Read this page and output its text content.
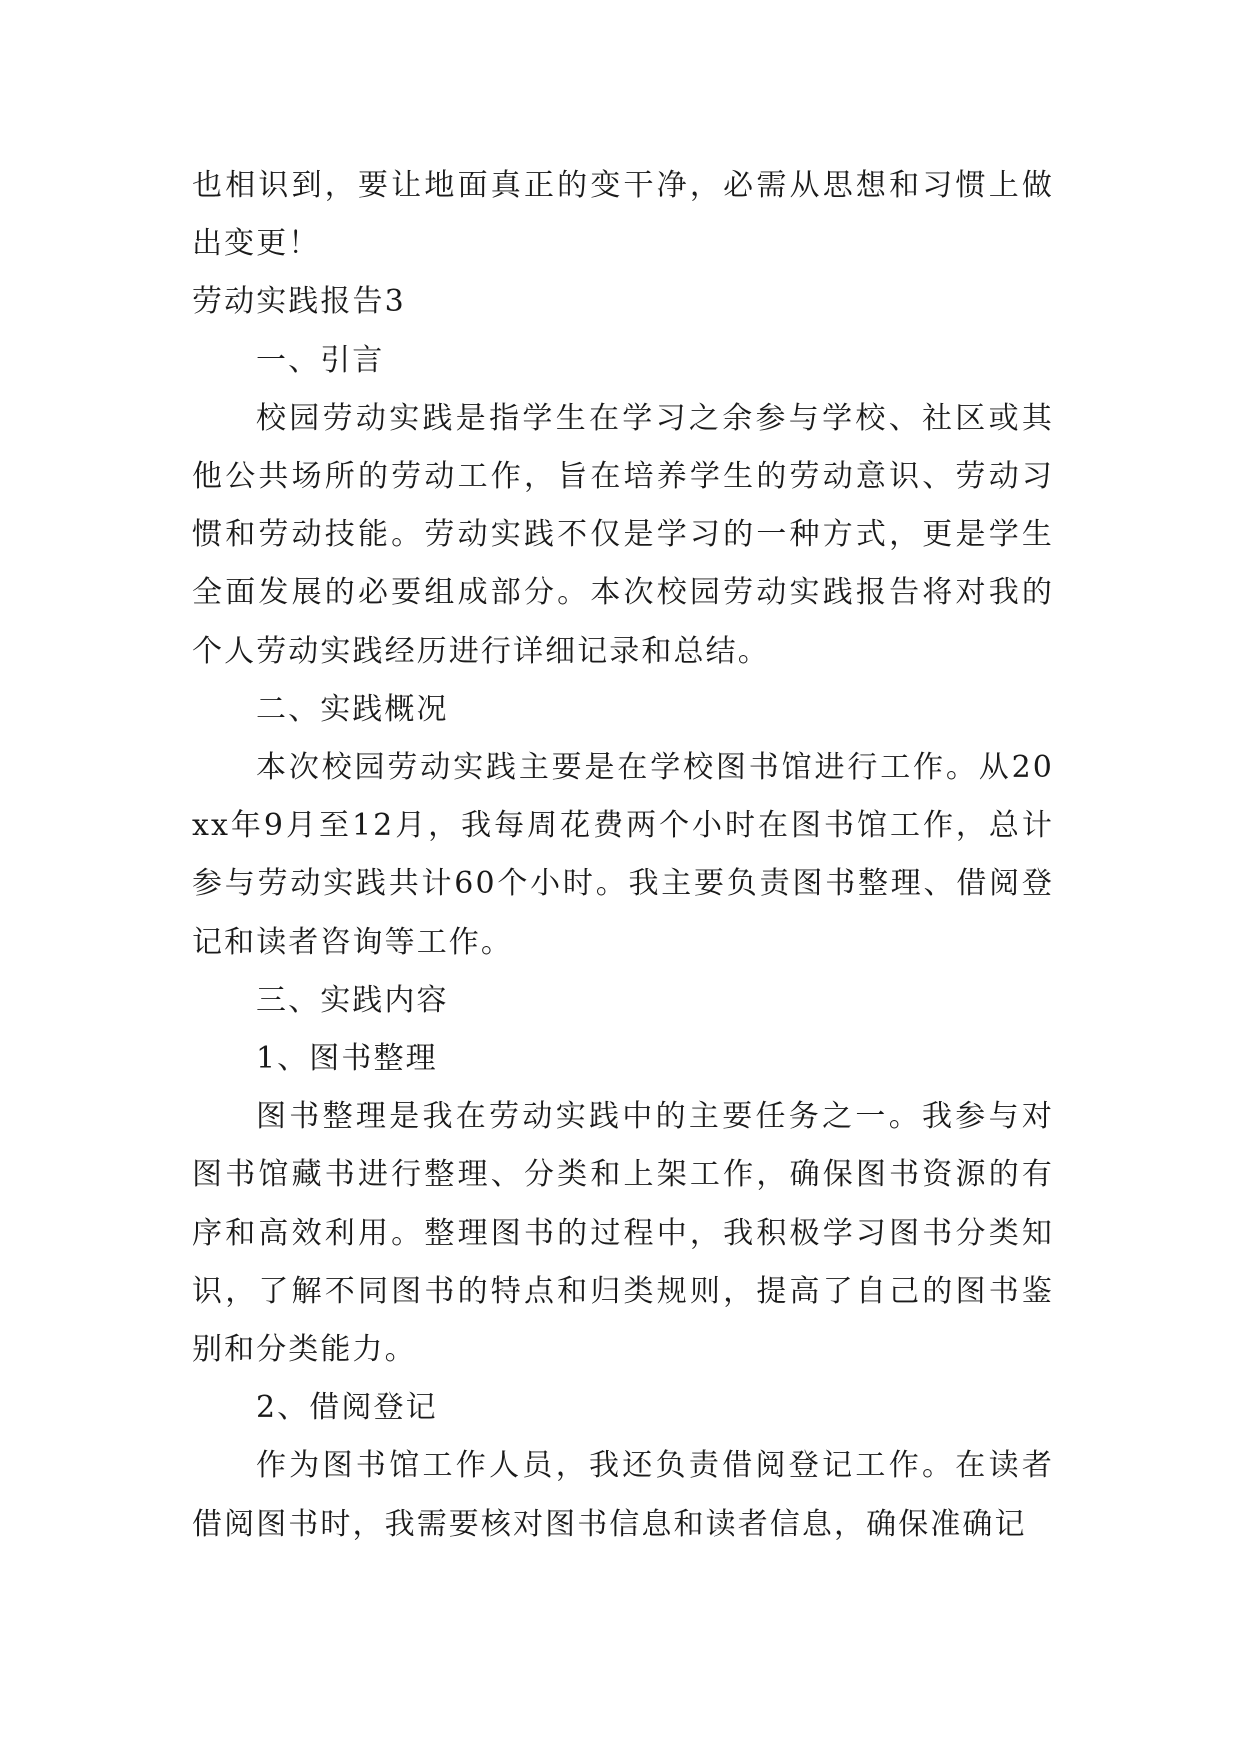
也相识到，要让地面真正的变干净，必需从思想和习惯上做出变更！

劳动实践报告3

一、引言

校园劳动实践是指学生在学习之余参与学校、社区或其他公共场所的劳动工作，旨在培养学生的劳动意识、劳动习惯和劳动技能。劳动实践不仅是学习的一种方式，更是学生全面发展的必要组成部分。本次校园劳动实践报告将对我的个人劳动实践经历进行详细记录和总结。

二、实践概况

本次校园劳动实践主要是在学校图书馆进行工作。从20xx年9月至12月，我每周花费两个小时在图书馆工作，总计参与劳动实践共计60个小时。我主要负责图书整理、借阅登记和读者咨询等工作。

三、实践内容

1、图书整理

图书整理是我在劳动实践中的主要任务之一。我参与对图书馆藏书进行整理、分类和上架工作，确保图书资源的有序和高效利用。整理图书的过程中，我积极学习图书分类知识，了解不同图书的特点和归类规则，提高了自己的图书鉴别和分类能力。

2、借阅登记

作为图书馆工作人员，我还负责借阅登记工作。在读者借阅图书时，我需要核对图书信息和读者信息，确保准确记
